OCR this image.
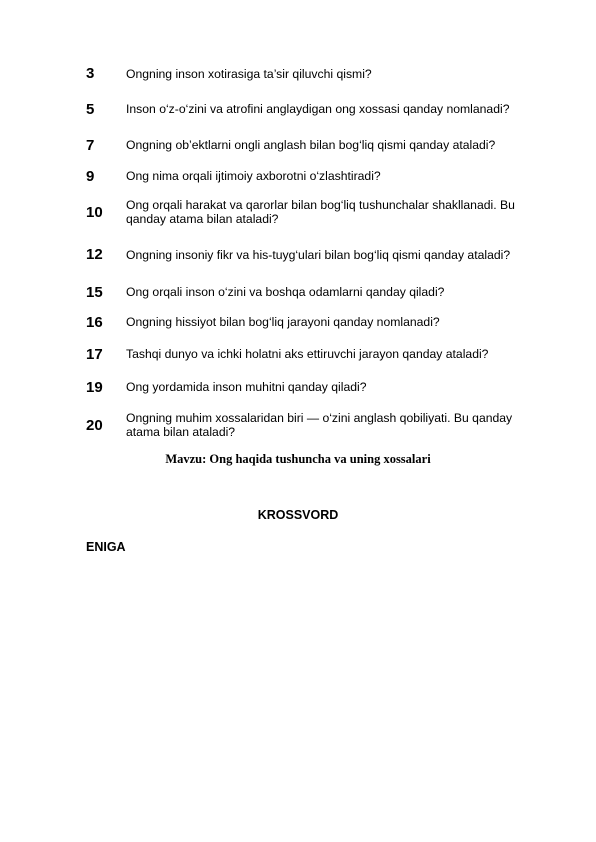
3	Ongning inson xotirasiga ta’sir qiluvchi qismi?
5	Inson o‘z-o‘zini va atrofini anglaydigan ong xossasi qanday nomlanadi?
7	Ongning ob’ektlarni ongli anglash bilan bog‘liq qismi qanday ataladi?
9	Ong nima orqali ijtimoiy axborotni o‘zlashtiradi?
10	Ong orqali harakat va qarorlar bilan bog‘liq tushunchalar shakllanadi. Bu qanday atama bilan ataladi?
12	Ongning insoniy fikr va his-tuyg‘ulari bilan bog‘liq qismi qanday ataladi?
15	Ong orqali inson o‘zini va boshqa odamlarni qanday qiladi?
16	Ongning hissiyot bilan bog‘liq jarayoni qanday nomlanadi?
17	Tashqi dunyo va ichki holatni aks ettiruvchi jarayon qanday ataladi?
19	Ong yordamida inson muhitni qanday qiladi?
20	Ongning muhim xossalaridan biri — o‘zini anglash qobiliyati. Bu qanday atama bilan ataladi?
Mavzu: Ong haqida tushuncha va uning xossalari
KROSSVORD
ENIGA
